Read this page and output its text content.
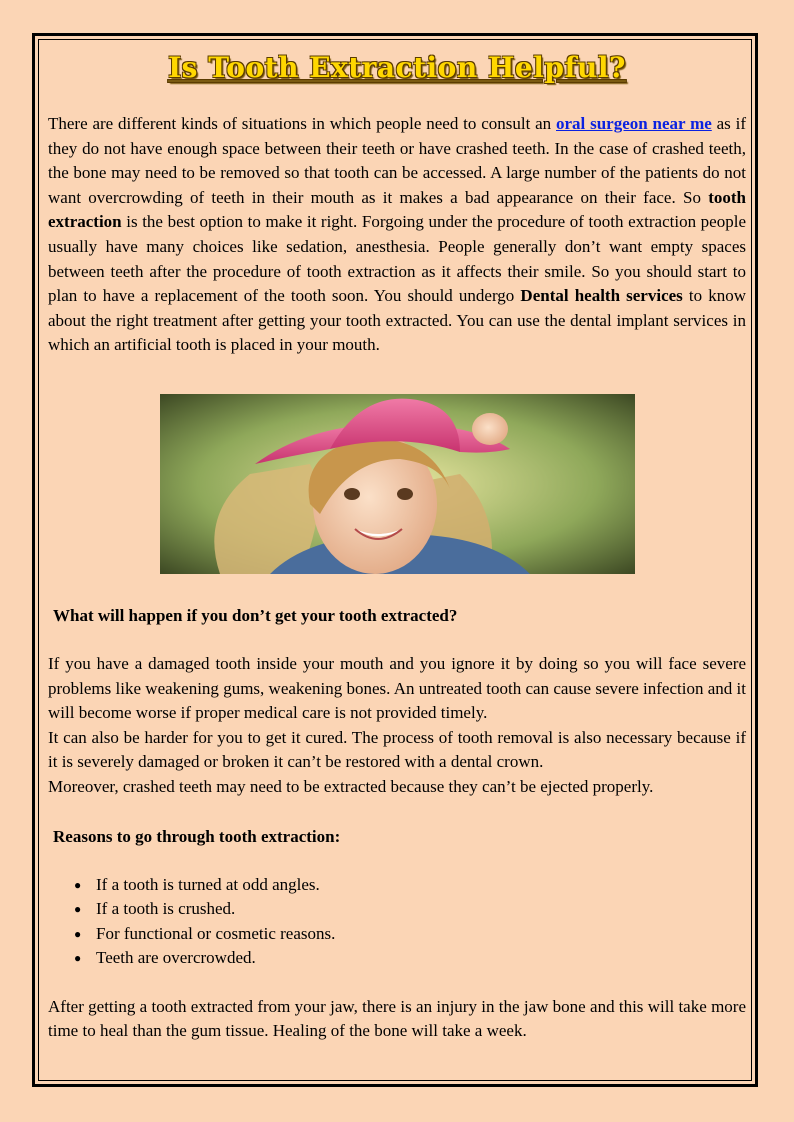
Is Tooth Extraction Helpful?

There are different kinds of situations in which people need to consult an oral surgeon near me as if they do not have enough space between their teeth or have crashed teeth. In the case of crashed teeth, the bone may need to be removed so that tooth can be accessed. A large number of the patients do not want overcrowding of teeth in their mouth as it makes a bad appearance on their face. So tooth extraction is the best option to make it right. Forgoing under the procedure of tooth extraction people usually have many choices like sedation, anesthesia. People generally don’t want empty spaces between teeth after the procedure of tooth extraction as it affects their smile. So you should start to plan to have a replacement of the tooth soon. You should undergo Dental health services to know about the right treatment after getting your tooth extracted. You can use the dental implant services in which an artificial tooth is placed in your mouth.

What will happen if you don’t get your tooth extracted?

If you have a damaged tooth inside your mouth and you ignore it by doing so you will face severe problems like weakening gums, weakening bones. An untreated tooth can cause severe infection and it will become worse if proper medical care is not provided timely.

It can also be harder for you to get it cured. The process of tooth removal is also necessary because if it is severely damaged or broken it can’t be restored with a dental crown.

Moreover, crashed teeth may need to be extracted because they can’t be ejected properly.

Reasons to go through tooth extraction:

● If a tooth is turned at odd angles.
● If a tooth is crushed.
● For functional or cosmetic reasons.
● Teeth are overcrowded.

After getting a tooth extracted from your jaw, there is an injury in the jaw bone and this will take more time to heal than the gum tissue. Healing of the bone will take a week.
